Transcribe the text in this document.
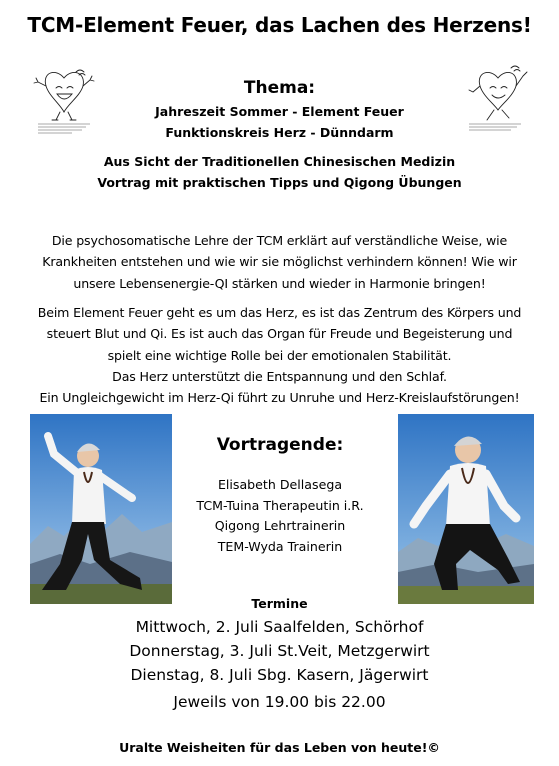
TCM-Element Feuer, das Lachen des Herzens!
Thema:
Jahreszeit Sommer - Element Feuer
Funktionskreis Herz - Dünndarm
Aus Sicht der Traditionellen Chinesischen Medizin
Vortrag mit praktischen Tipps und Qigong Übungen
Die psychosomatische Lehre der TCM erklärt auf verständliche Weise, wie
Krankheiten entstehen und wie wir sie möglichst verhindern können! Wie wir
unsere Lebensenergie-QI stärken und wieder in Harmonie bringen!
Beim Element Feuer geht es um das Herz, es ist das Zentrum des Körpers und
steuert Blut und Qi. Es ist auch das Organ für Freude und Begeisterung und
spielt eine wichtige Rolle bei der emotionalen Stabilität.
Das Herz unterstützt die Entspannung und den Schlaf.
Ein Ungleichgewicht im Herz-Qi führt zu Unruhe und Herz-Kreislaufstörungen!
Vortragende:
Elisabeth Dellasega
TCM-Tuina Therapeutin i.R.
Qigong Lehrtrainerin
TEM-Wyda Trainerin
Termine
Mittwoch, 2. Juli Saalfelden, Schörhof
Donnerstag, 3. Juli St.Veit, Metzgerwirt
Dienstag, 8. Juli Sbg. Kasern, Jägerwirt
Jeweils von 19.00 bis 22.00
Uralte Weisheiten für das Leben von heute!©
